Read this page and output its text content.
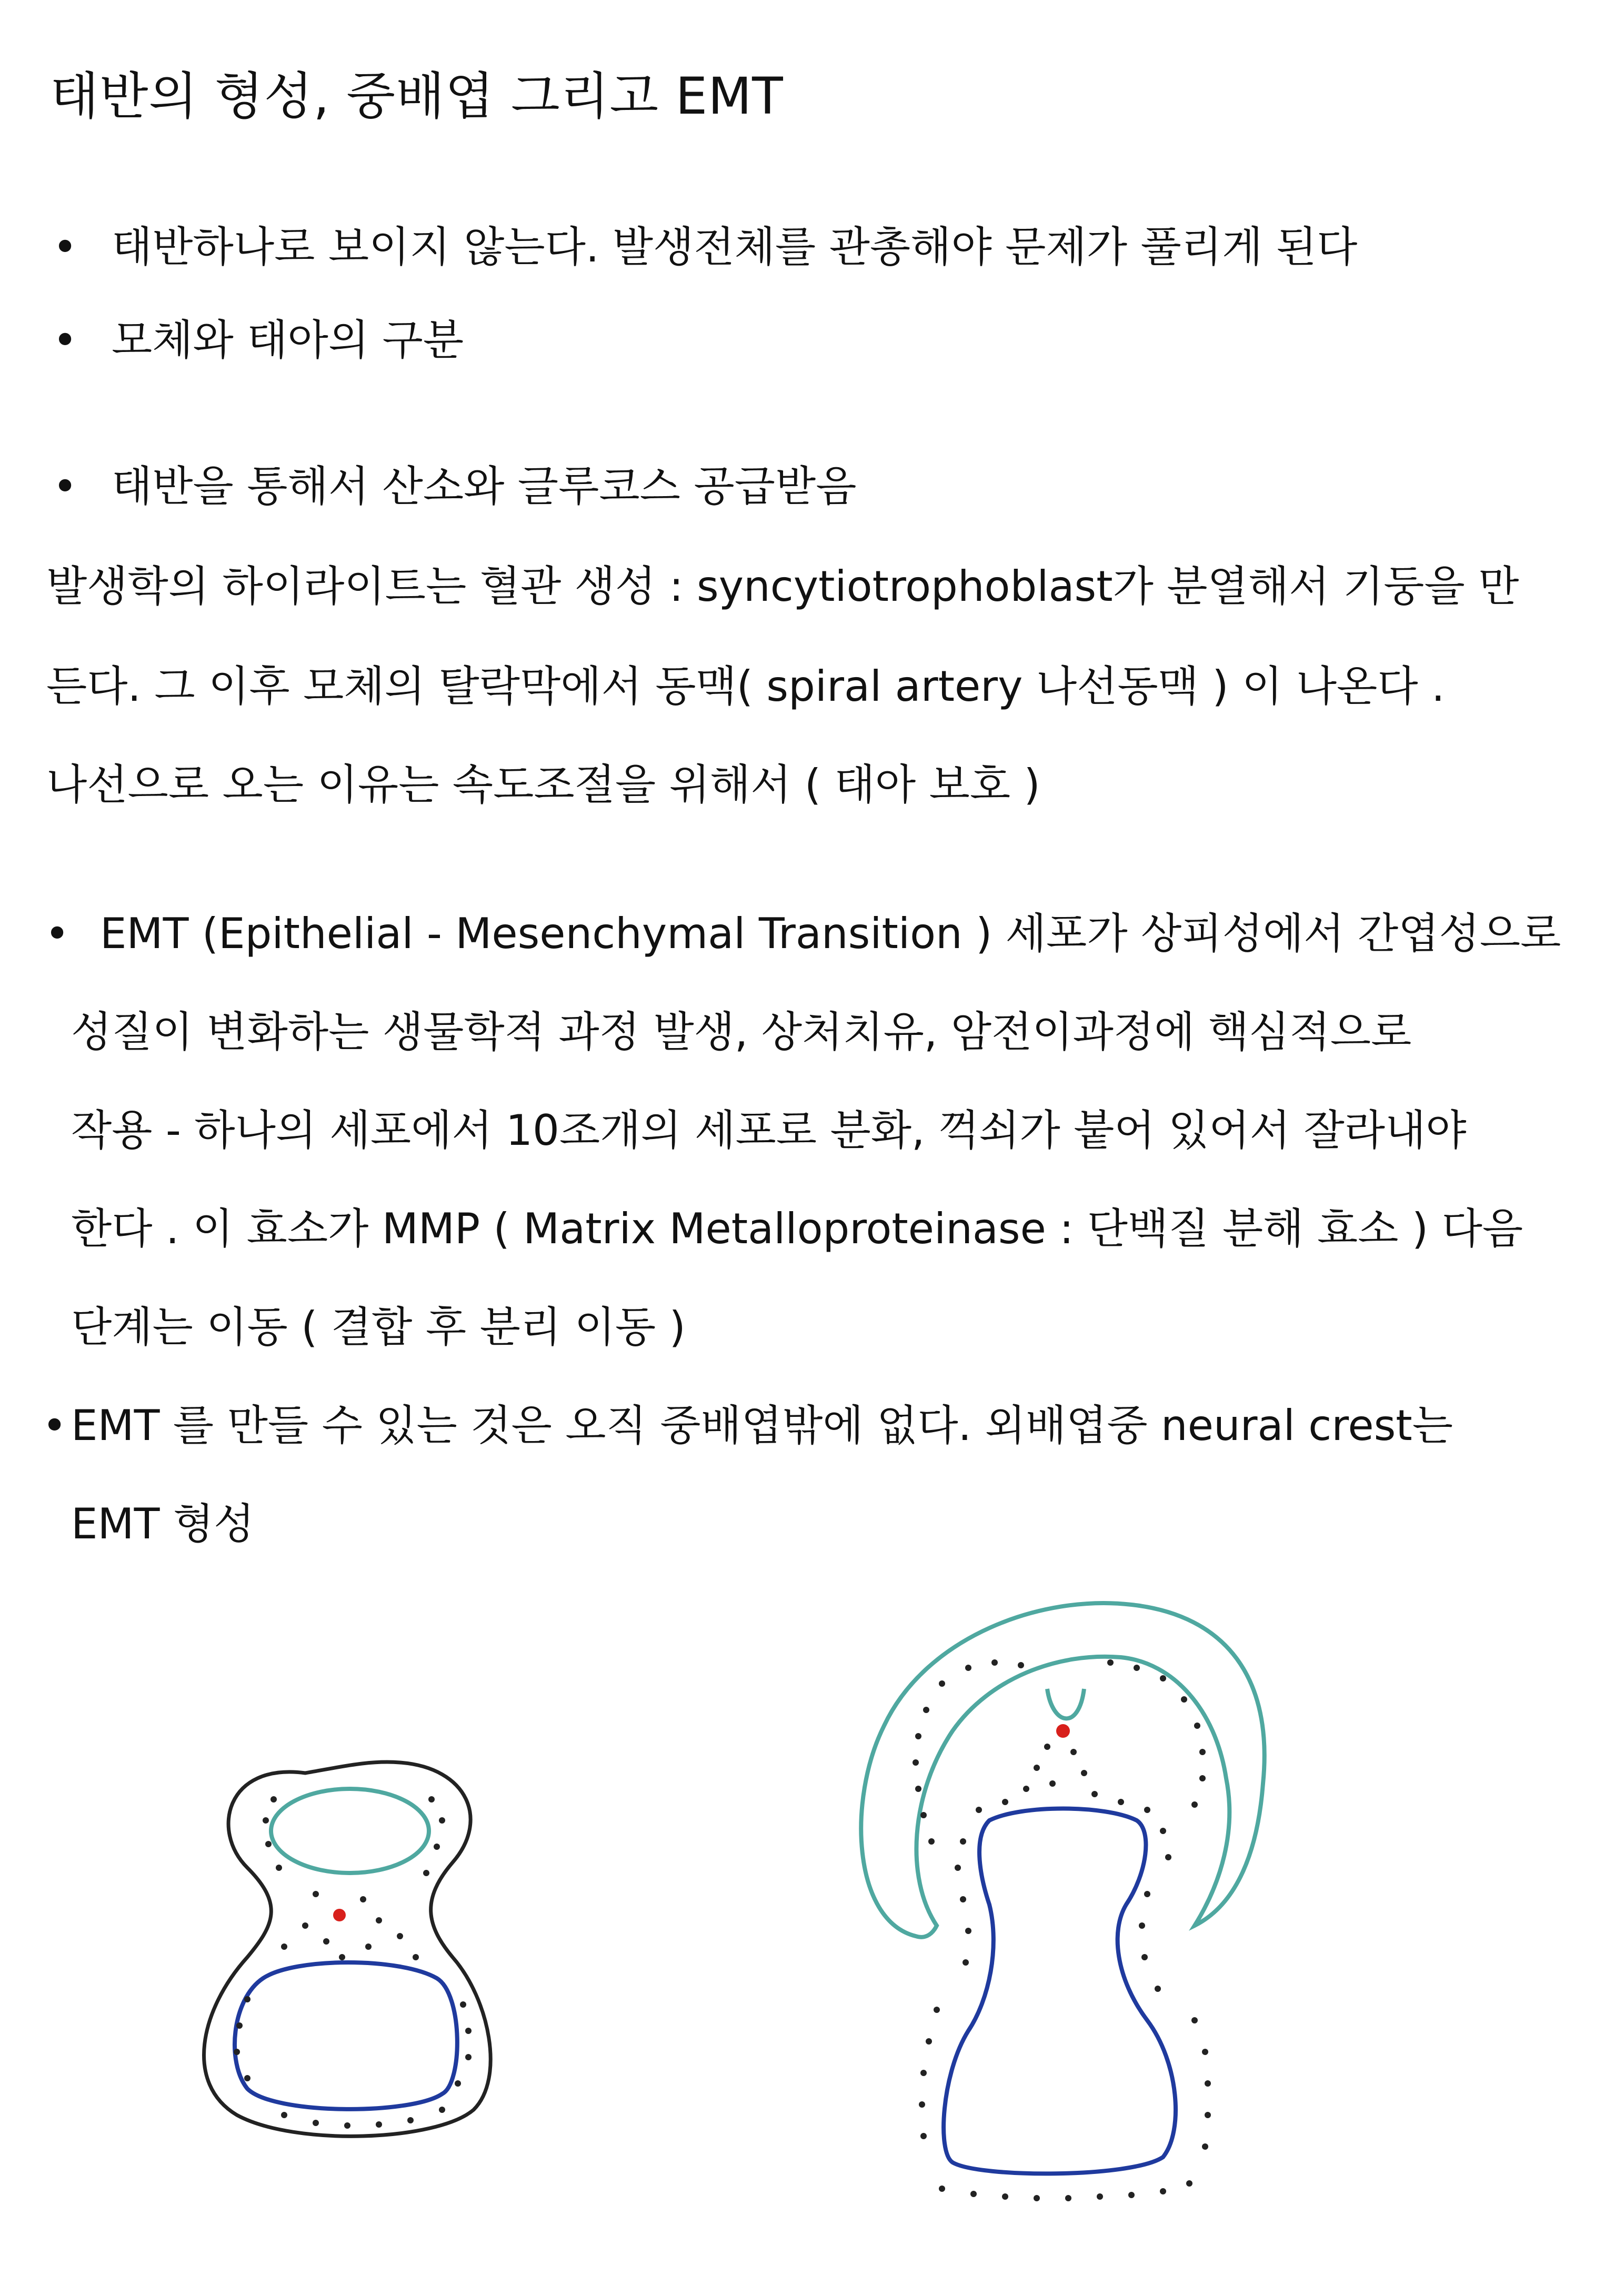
태반의 형성, 중배엽 그리고 EMT
• 태반하나로 보이지 않는다. 발생전체를 관총해야 문제가 풀리게 된다
• 모체와 태아의 구분
• 태반을 통해서 산소와 글루코스 공급받음
발생학의 하이라이트는 혈관 생성 : syncytiotrophoblast가 분열해서 기둥을 만
든다. 그 이후 모체의 탈락막에서 동맥( spiral artery 나선동맥 ) 이 나온다 .
나선으로 오는 이유는 속도조절을 위해서 ( 태아 보호 )
• EMT (Epithelial - Mesenchymal Transition ) 세포가 상피성에서 간엽성으로
성질이 변화하는 생물학적 과정 발생, 상처치유, 암전이과정에 핵심적으로
작용 - 하나의 세포에서 10조개의 세포로 분화, 꺽쇠가 붙어 있어서 잘라내야
한다 . 이 효소가 MMP ( Matrix Metalloproteinase : 단백질 분해 효소 ) 다음
단계는 이동 ( 결합 후 분리 이동 )
• EMT 를 만들 수 있는 것은 오직 중배엽밖에 없다. 외배엽중 neural crest는
EMT 형성
